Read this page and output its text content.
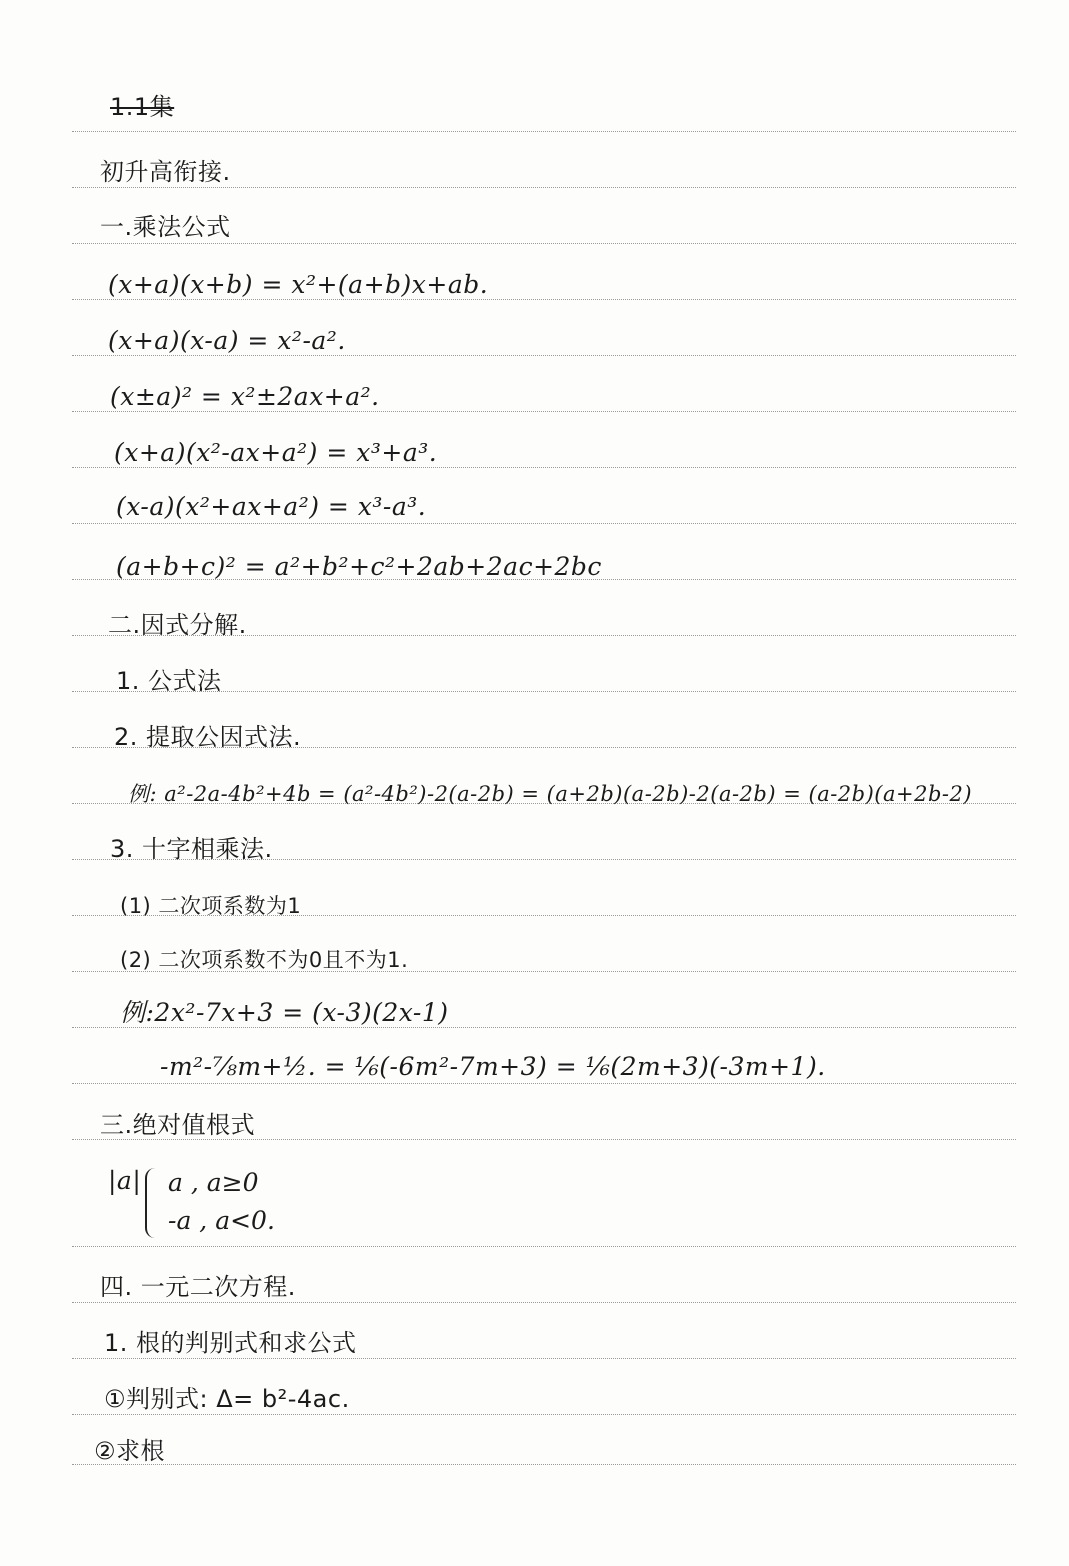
1.1集
初升高衔接.
一.乘法公式
(x+a)(x+b) = x²+(a+b)x+ab.
(x+a)(x-a) = x²-a².
(x±a)² = x²±2ax+a².
(x+a)(x²-ax+a²) = x³+a³.
(x-a)(x²+ax+a²) = x³-a³.
(a+b+c)² = a²+b²+c²+2ab+2ac+2bc
二.因式分解.
1. 公式法
2. 提取公因式法.
例: a²-2a-4b²+4b = (a²-4b²)-2(a-2b) = (a+2b)(a-2b)-2(a-2b) = (a-2b)(a+2b-2)
3. 十字相乘法.
(1) 二次项系数为1
(2) 二次项系数不为0且不为1.
例:2x²-7x+3 = (x-3)(2x-1)
-m²-⅞m+½. = ⅙(-6m²-7m+3) = ⅙(2m+3)(-3m+1).
三.绝对值根式
|a| a , a≥0
-a , a<0.
四. 一元二次方程.
1. 根的判别式和求公式
①判别式: Δ= b²-4ac.
②求根
